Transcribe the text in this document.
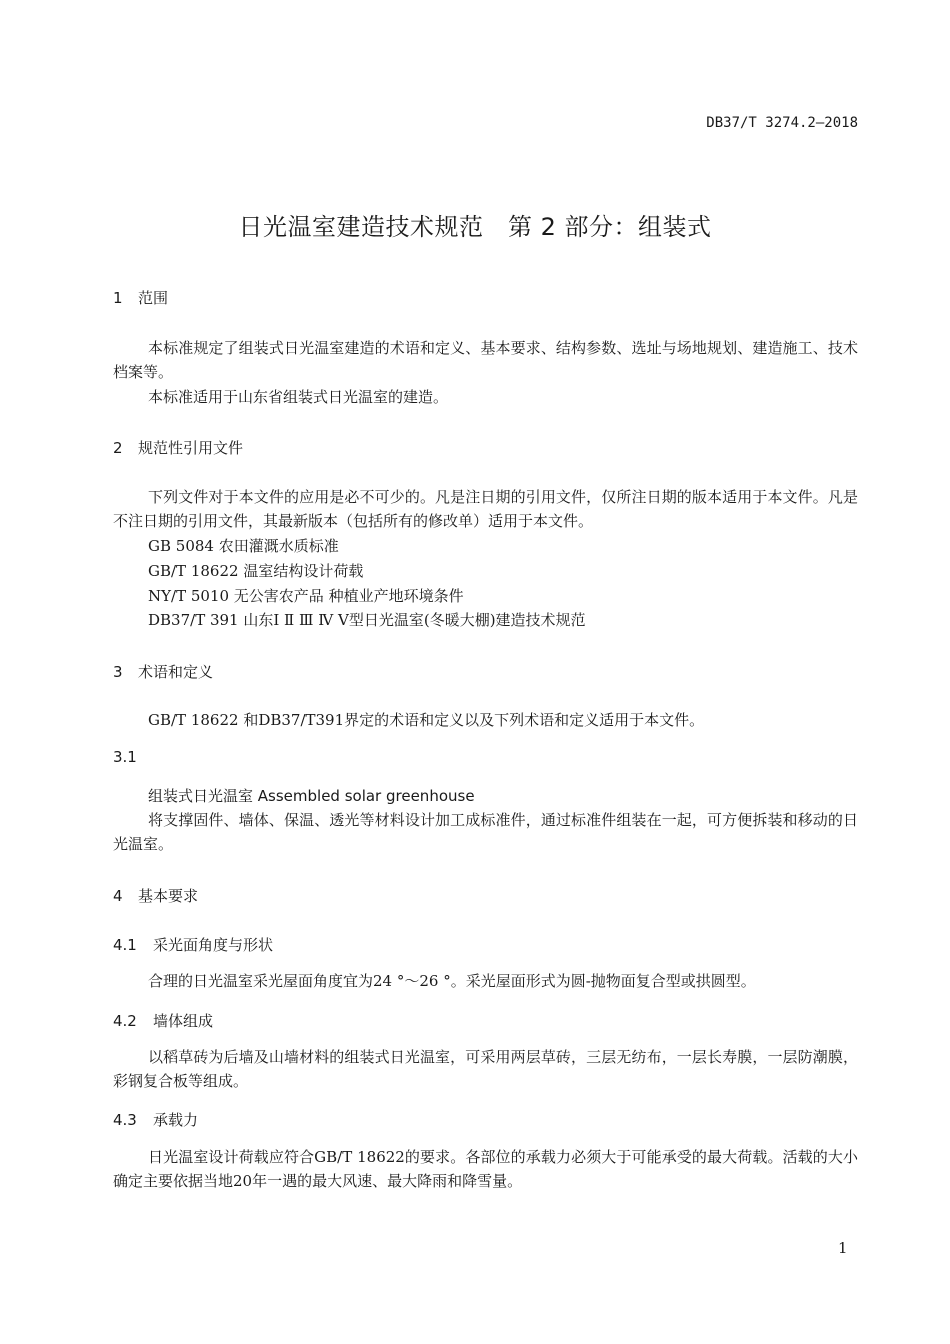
DB37/T 3274.2—2018
日光温室建造技术规范　第 2 部分：组装式
1 范围
本标准规定了组装式日光温室建造的术语和定义、基本要求、结构参数、选址与场地规划、建造施工、技术档案等。
本标准适用于山东省组装式日光温室的建造。
2 规范性引用文件
下列文件对于本文件的应用是必不可少的。凡是注日期的引用文件，仅所注日期的版本适用于本文件。凡是不注日期的引用文件，其最新版本（包括所有的修改单）适用于本文件。
GB 5084 农田灌溉水质标准
GB/T 18622 温室结构设计荷载
NY/T 5010 无公害农产品 种植业产地环境条件
DB37/T 391 山东Ⅰ Ⅱ Ⅲ Ⅳ Ⅴ型日光温室(冬暖大棚)建造技术规范
3 术语和定义
GB/T 18622 和DB37/T391界定的术语和定义以及下列术语和定义适用于本文件。
3.1
组装式日光温室 Assembled solar greenhouse
将支撑固件、墙体、保温、透光等材料设计加工成标准件，通过标准件组装在一起，可方便拆装和移动的日光温室。
4 基本要求
4.1 采光面角度与形状
合理的日光温室采光屋面角度宜为24 °～26 °。采光屋面形式为圆-抛物面复合型或拱圆型。
4.2 墙体组成
以稻草砖为后墙及山墙材料的组装式日光温室，可采用两层草砖，三层无纺布，一层长寿膜，一层防潮膜，彩钢复合板等组成。
4.3 承载力
日光温室设计荷载应符合GB/T 18622的要求。各部位的承载力必须大于可能承受的最大荷载。活载的大小确定主要依据当地20年一遇的最大风速、最大降雨和降雪量。
1
